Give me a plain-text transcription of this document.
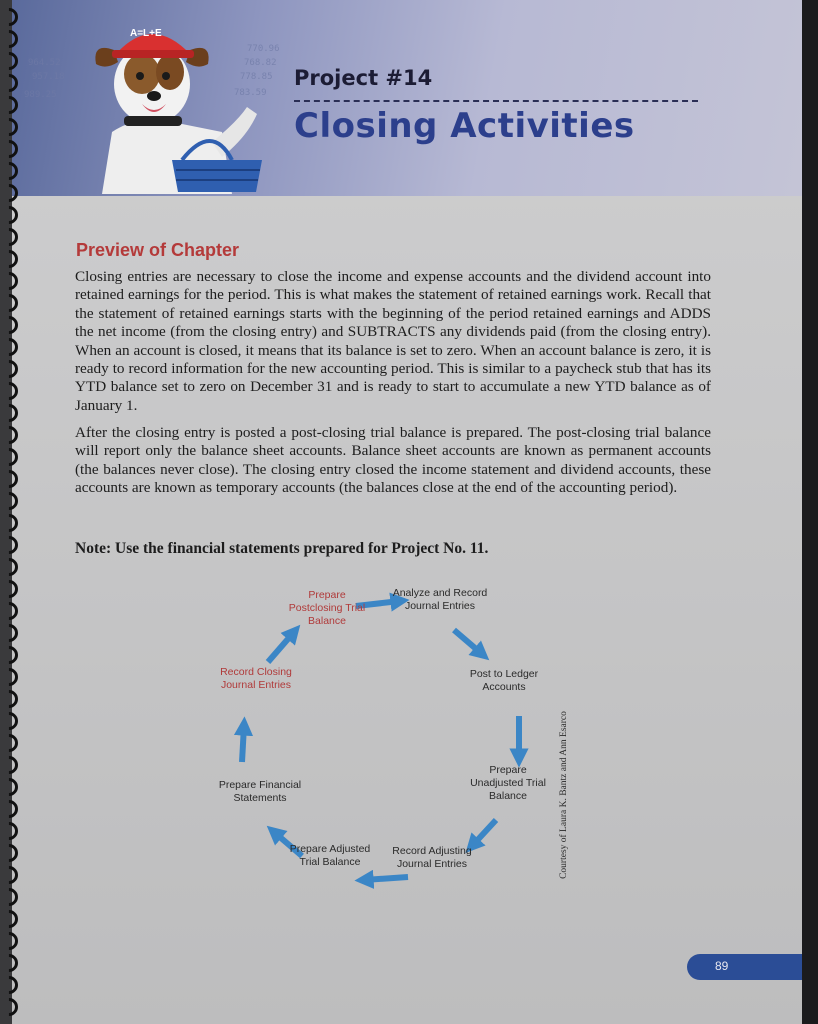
770.96
768.82
778.85
783.59
957.18
964.52
989.25
A=L+E
Project #14
Closing Activities
Preview of Chapter

Closing entries are necessary to close the income and expense accounts and the dividend account into retained earnings for the period. This is what makes the statement of retained earnings work. Recall that the statement of retained earnings starts with the beginning of the period retained earnings and ADDS the net income (from the closing entry) and SUBTRACTS any dividends paid (from the closing entry). When an account is closed, it means that its balance is set to zero. When an account balance is zero, it is ready to record information for the new accounting period. This is similar to a paycheck stub that has its YTD balance set to zero on December 31 and is ready to start to accumulate a new YTD balance as of January 1.

After the closing entry is posted a post-closing trial balance is prepared. The post-closing trial balance will report only the balance sheet accounts. Balance sheet accounts are known as permanent accounts (the balances never close). The closing entry closed the income statement and dividend accounts, these accounts are known as temporary accounts (the balances close at the end of the accounting period).

Note: Use the financial statements prepared for Project No. 11.
Analyze and Record Journal Entries
Post to Ledger Accounts
Prepare Unadjusted Trial Balance
Record Adjusting Journal Entries
Prepare Adjusted Trial Balance
Prepare Financial Statements
Record Closing Journal Entries
Prepare Postclosing Trial Balance
Courtesy of Laura K. Bantz and Ann Esarco
89
